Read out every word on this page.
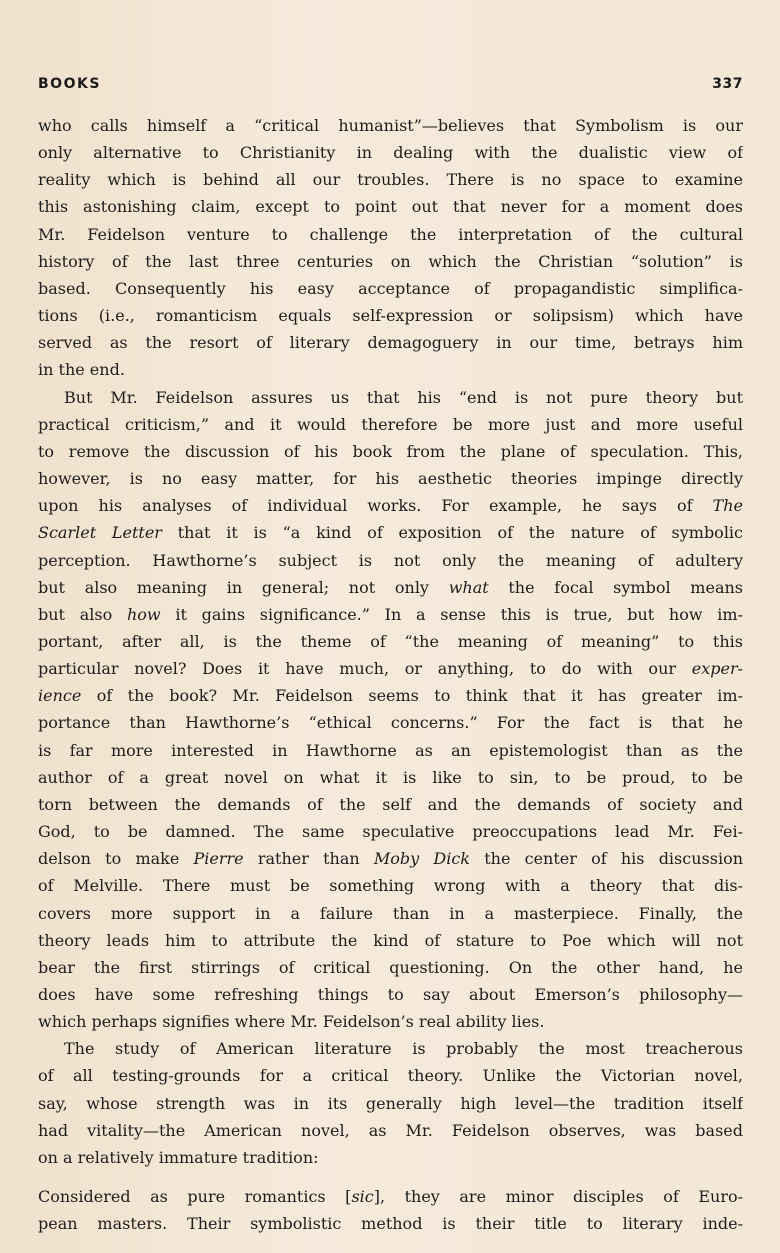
BOOKS	337
who calls himself a “critical humanist”—believes that Symbolism is our
only alternative to Christianity in dealing with the dualistic view of
reality which is behind all our troubles. There is no space to examine
this astonishing claim, except to point out that never for a moment does
Mr. Feidelson venture to challenge the interpretation of the cultural
history of the last three centuries on which the Christian “solution” is
based. Consequently his easy acceptance of propagandistic simplifica-
tions (i.e., romanticism equals self-expression or solipsism) which have
served as the resort of literary demagoguery in our time, betrays him
in the end.
But Mr. Feidelson assures us that his “end is not pure theory but
practical criticism,” and it would therefore be more just and more useful
to remove the discussion of his book from the plane of speculation. This,
however, is no easy matter, for his aesthetic theories impinge directly
upon his analyses of individual works. For example, he says of The
Scarlet Letter that it is “a kind of exposition of the nature of symbolic
perception. Hawthorne’s subject is not only the meaning of adultery
but also meaning in general; not only what the focal symbol means
but also how it gains significance.” In a sense this is true, but how im-
portant, after all, is the theme of “the meaning of meaning” to this
particular novel? Does it have much, or anything, to do with our exper-
ience of the book? Mr. Feidelson seems to think that it has greater im-
portance than Hawthorne’s “ethical concerns.” For the fact is that he
is far more interested in Hawthorne as an epistemologist than as the
author of a great novel on what it is like to sin, to be proud, to be
torn between the demands of the self and the demands of society and
God, to be damned. The same speculative preoccupations lead Mr. Fei-
delson to make Pierre rather than Moby Dick the center of his discussion
of Melville. There must be something wrong with a theory that dis-
covers more support in a failure than in a masterpiece. Finally, the
theory leads him to attribute the kind of stature to Poe which will not
bear the first stirrings of critical questioning. On the other hand, he
does have some refreshing things to say about Emerson’s philosophy—
which perhaps signifies where Mr. Feidelson’s real ability lies.
The study of American literature is probably the most treacherous
of all testing-grounds for a critical theory. Unlike the Victorian novel,
say, whose strength was in its generally high level—the tradition itself
had vitality—the American novel, as Mr. Feidelson observes, was based
on a relatively immature tradition:
Considered as pure romantics [sic], they are minor disciples of Euro-
pean masters. Their symbolistic method is their title to literary inde-
